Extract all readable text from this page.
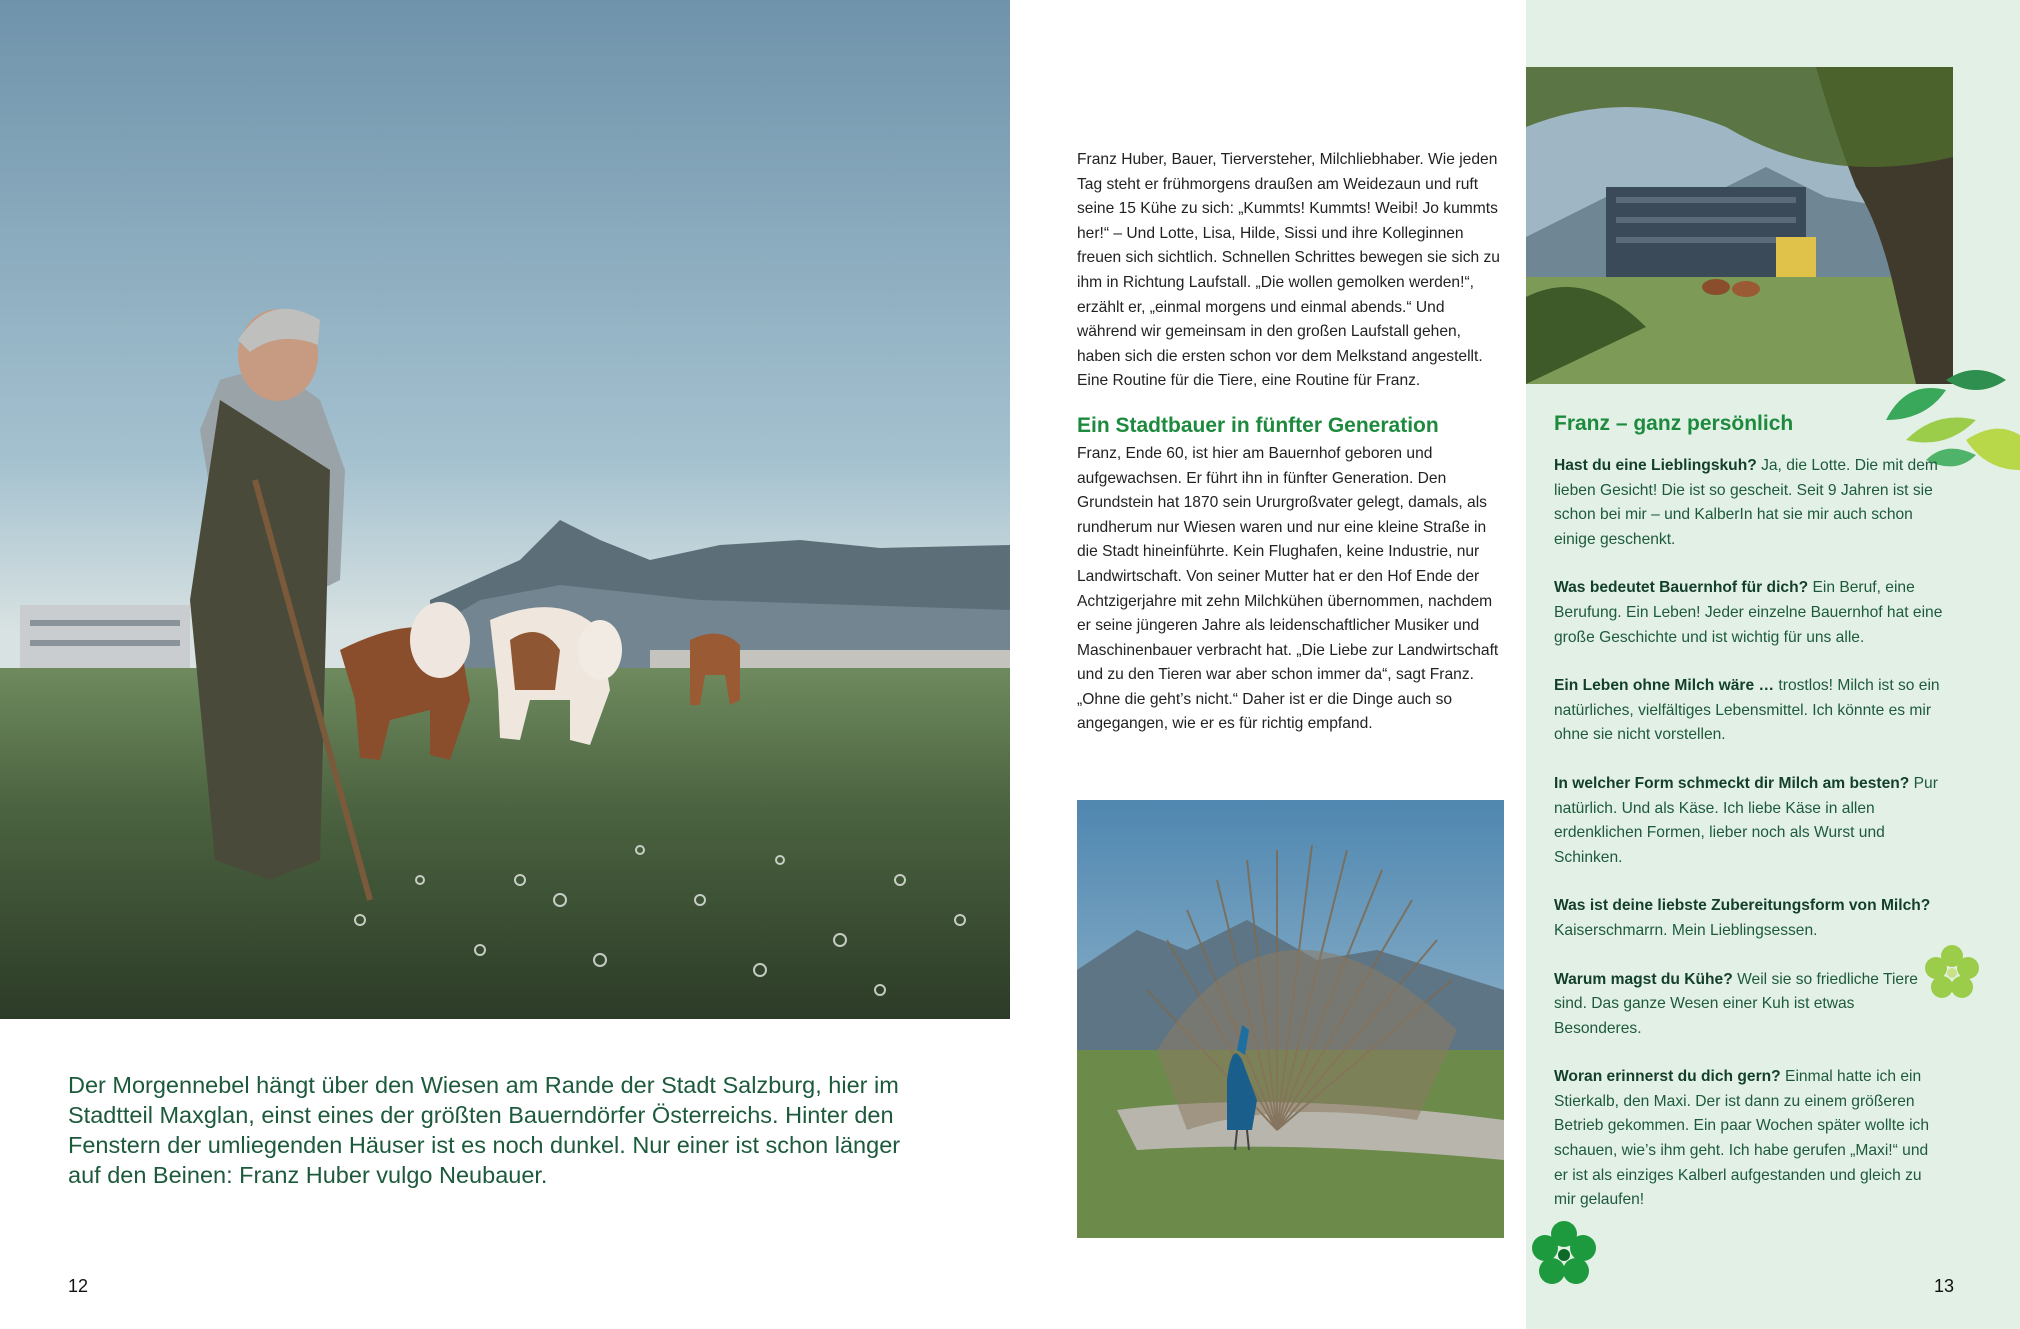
Der Morgennebel hängt über den Wiesen am Rande der Stadt Salzburg, hier im Stadtteil Maxglan, einst eines der größten Bauerndörfer Österreichs. Hinter den Fenstern der umliegenden Häuser ist es noch dunkel. Nur einer ist schon länger auf den Beinen: Franz Huber vulgo Neubauer.

12

Franz Huber, Bauer, Tierversteher, Milchliebhaber. Wie jeden Tag steht er frühmorgens draußen am Weidezaun und ruft seine 15 Kühe zu sich: „Kummts! Kummts! Weibi! Jo kummts her!“ – Und Lotte, Lisa, Hilde, Sissi und ihre Kolleginnen freuen sich sichtlich. Schnellen Schrittes bewegen sie sich zu ihm in Richtung Laufstall. „Die wollen gemolken werden!“, erzählt er, „einmal morgens und einmal abends.“ Und während wir gemeinsam in den großen Laufstall gehen, haben sich die ersten schon vor dem Melkstand angestellt. Eine Routine für die Tiere, eine Routine für Franz.

Ein Stadtbauer in fünfter Generation

Franz, Ende 60, ist hier am Bauernhof geboren und aufgewachsen. Er führt ihn in fünfter Generation. Den Grundstein hat 1870 sein Ururgroßvater gelegt, damals, als rundherum nur Wiesen waren und nur eine kleine Straße in die Stadt hineinführte. Kein Flughafen, keine Industrie, nur Landwirtschaft. Von seiner Mutter hat er den Hof Ende der Achtzigerjahre mit zehn Milchkühen übernommen, nachdem er seine jüngeren Jahre als leidenschaftlicher Musiker und Maschinenbauer verbracht hat. „Die Liebe zur Landwirtschaft und zu den Tieren war aber schon immer da“, sagt Franz. „Ohne die geht’s nicht.“ Daher ist er die Dinge auch so angegangen, wie er es für richtig empfand.

Franz – ganz persönlich

Hast du eine Lieblingskuh? Ja, die Lotte. Die mit dem lieben Gesicht! Die ist so gescheit. Seit 9 Jahren ist sie schon bei mir – und KalberIn hat sie mir auch schon einige geschenkt.

Was bedeutet Bauernhof für dich? Ein Beruf, eine Berufung. Ein Leben! Jeder einzelne Bauernhof hat eine große Geschichte und ist wichtig für uns alle.

Ein Leben ohne Milch wäre … trostlos! Milch ist so ein natürliches, vielfältiges Lebensmittel. Ich könnte es mir ohne sie nicht vorstellen.

In welcher Form schmeckt dir Milch am besten? Pur natürlich. Und als Käse. Ich liebe Käse in allen erdenklichen Formen, lieber noch als Wurst und Schinken.

Was ist deine liebste Zubereitungsform von Milch? Kaiserschmarrn. Mein Lieblingsessen.

Warum magst du Kühe? Weil sie so friedliche Tiere sind. Das ganze Wesen einer Kuh ist etwas Besonderes.

Woran erinnerst du dich gern? Einmal hatte ich ein Stierkalb, den Maxi. Der ist dann zu einem größeren Betrieb gekommen. Ein paar Wochen später wollte ich schauen, wie’s ihm geht. Ich habe gerufen „Maxi!“ und er ist als einziges Kalberl aufgestanden und gleich zu mir gelaufen!

13
